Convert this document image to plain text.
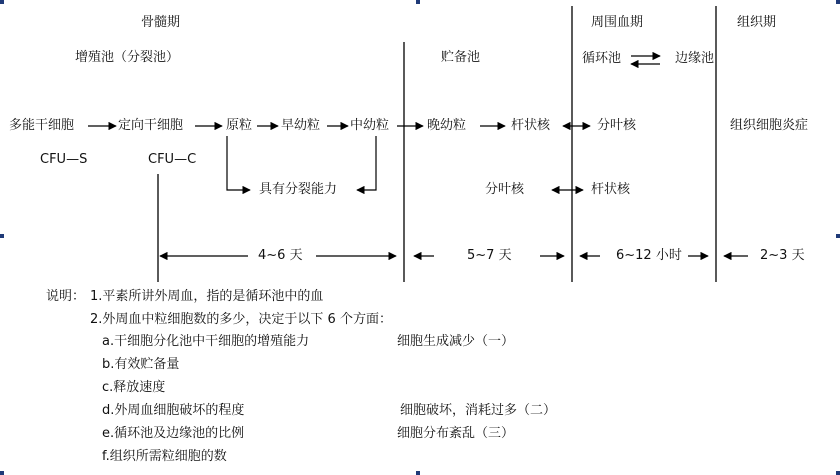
骨髓期	周围血期	组织期
增殖池（分裂池）	贮备池	循环池	边缘池
多能干细胞	定向干细胞	原粒 早幼粒 中幼粒	晚幼粒	杆状核	分叶核	组织细胞炎症
CFU—S	CFU—C
具有分裂能力	分叶核	杆状核
4~6 天	5~7 天	6~12 小时	2~3 天
说明： 1.平素所讲外周血，指的是循环池中的血
2.外周血中粒细胞数的多少，决定于以下 6 个方面：
a.干细胞分化池中干细胞的增殖能力	细胞生成减少（一）
b.有效贮备量
c.释放速度
d.外周血细胞破坏的程度	细胞破坏，消耗过多（二）
e.循环池及边缘池的比例	细胞分布紊乱（三）
f.组织所需粒细胞的数
